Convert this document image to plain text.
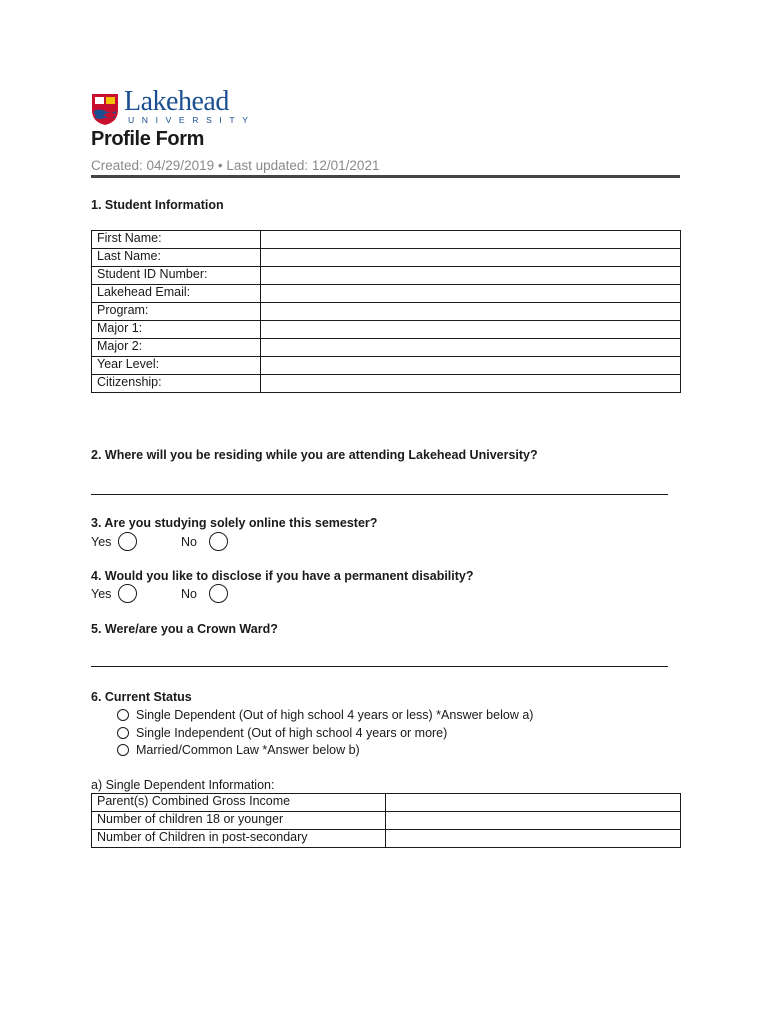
Lakehead
UNIVERSITY
Profile Form
Created: 04/29/2019 • Last updated: 12/01/2021
1. Student Information
First Name:	
Last Name:	
Student ID Number:	
Lakehead Email:	
Program:	
Major 1:	
Major 2:	
Year Level:	
Citizenship:	
2. Where will you be residing while you are attending Lakehead University?
3. Are you studying solely online this semester?
Yes	No
4. Would you like to disclose if you have a permanent disability?
Yes	No
5. Were/are you a Crown Ward?
6. Current Status
Single Dependent (Out of high school 4 years or less) *Answer below a)
Single Independent (Out of high school 4 years or more)
Married/Common Law *Answer below b)
a) Single Dependent Information:
Parent(s) Combined Gross Income	
Number of children 18 or younger	
Number of Children in post-secondary	
